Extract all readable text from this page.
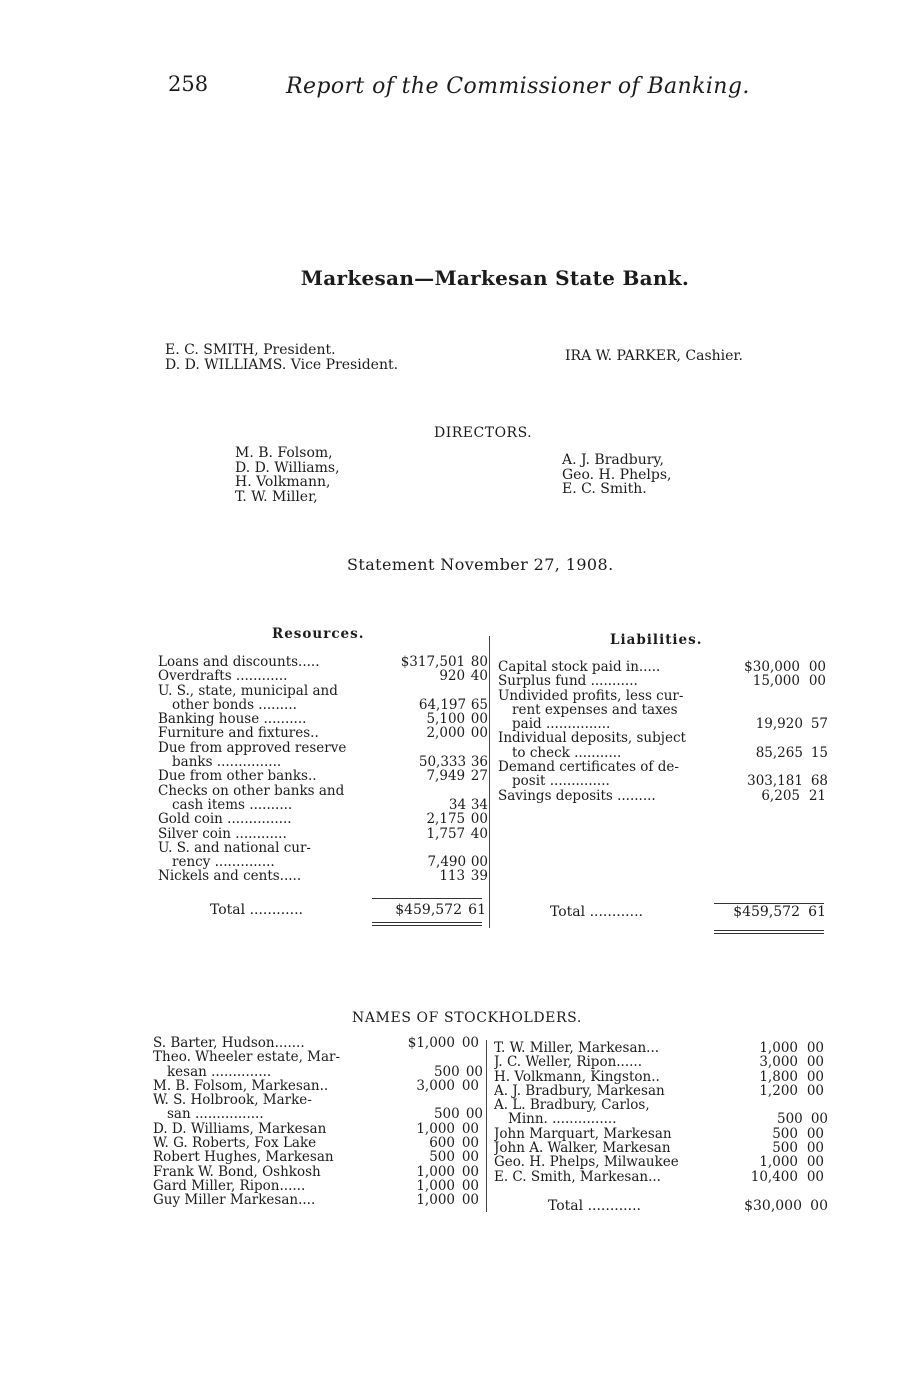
258	Report of the Commissioner of Banking.
Markesan—Markesan State Bank.
E. C. SMITH, President.
D. D. WILLIAMS. Vice President.
IRA W. PARKER, Cashier.
DIRECTORS.
M. B. Folsom,
D. D. Williams,
H. Volkmann,
T. W. Miller,
A. J. Bradbury,
Geo. H. Phelps,
E. C. Smith.
Statement November 27, 1908.
Resources.	Liabilities.
Loans and discounts.....	$317,501 80
Overdrafts ............	920 40
U. S., state, municipal and
other bonds .........	64,197 65
Banking house ..........	5,100 00
Furniture and fixtures..	2,000 00
Due from approved reserve
banks ...............	50,333 36
Due from other banks..	7,949 27
Checks on other banks and
cash items ..........	34 34
Gold coin ...............	2,175 00
Silver coin ............	1,757 40
U. S. and national cur-
rency ..............	7,490 00
Nickels and cents.....	113 39
Capital stock paid in.....	$30,000 00
Surplus fund ...........	15,000 00
Undivided profits, less cur-
rent expenses and taxes
paid ...............	19,920 57
Individual deposits, subject
to check ...........	85,265 15
Demand certificates of de-
posit ..............	303,181 68
Savings deposits .........	6,205 21
Total ............	$459,572 61	Total ............	$459,572 61
NAMES OF STOCKHOLDERS.
S. Barter, Hudson.......	$1,000 00
Theo. Wheeler estate, Mar-
kesan ..............	500 00
M. B. Folsom, Markesan..	3,000 00
W. S. Holbrook, Marke-
san ................	500 00
D. D. Williams, Markesan	1,000 00
W. G. Roberts, Fox Lake	600 00
Robert Hughes, Markesan	500 00
Frank W. Bond, Oshkosh	1,000 00
Gard Miller, Ripon......	1,000 00
Guy Miller Markesan....	1,000 00
T. W. Miller, Markesan...	1,000 00
J. C. Weller, Ripon......	3,000 00
H. Volkmann, Kingston..	1,800 00
A. J. Bradbury, Markesan	1,200 00
A. L. Bradbury, Carlos,
Minn. ...............	500 00
John Marquart, Markesan	500 00
John A. Walker, Markesan	500 00
Geo. H. Phelps, Milwaukee	1,000 00
E. C. Smith, Markesan...	10,400 00
Total ............	$30,000 00
